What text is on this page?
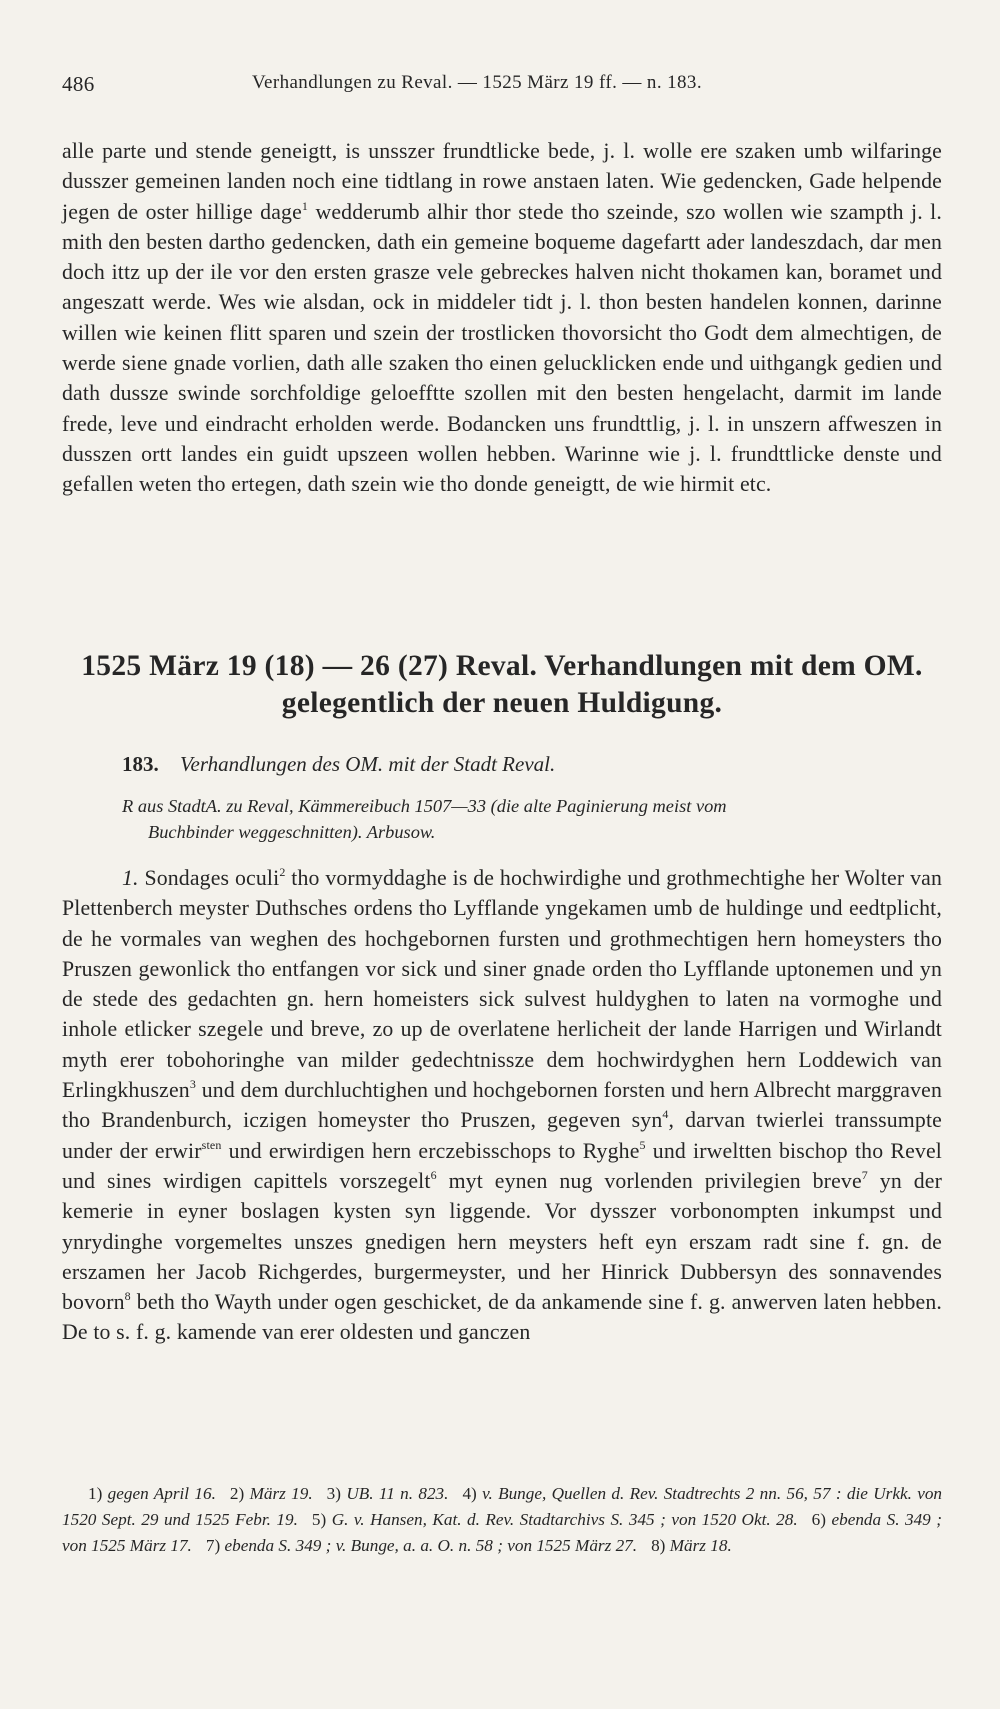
486	Verhandlungen zu Reval. — 1525 März 19 ff. — n. 183.

alle parte und stende geneigtt, is unsszer frundtlicke bede, j. l. wolle ere szaken umb wilfaringe dusszer gemeinen landen noch eine tidtlang in rowe anstaen laten. Wie gedencken, Gade helpende jegen de oster hillige dage$^1$ wedderumb alhir thor stede tho szeinde, szo wollen wie szampth j. l. mith den besten dartho gedencken, dath ein gemeine boqueme dagefartt ader landeszdach, dar men doch ittz up der ile vor den ersten grasze vele gebreckes halven nicht thokamen kan, boramet und angeszatt werde. Wes wie alsdan, ock in middeler tidt j. l. thon besten handelen konnen, darinne willen wie keinen flitt sparen und szein der trostlicken thovorsicht tho Godt dem almechtigen, de werde siene gnade vorlien, dath alle szaken tho einen gelucklicken ende und uithgangk gedien und dath dussze swinde sorchfoldige geloefftte szollen mit den besten hengelacht, darmit im lande frede, leve und eindracht erholden werde. Bodancken uns frundttlig, j. l. in unszern affweszen in dusszen ortt landes ein guidt upszeen wollen hebben. Warinne wie j. l. frundttlicke denste und gefallen weten tho ertegen, dath szein wie tho donde geneigtt, de wie hirmit etc.

1525 März 19 (18) — 26 (27) Reval. Verhandlungen mit dem OM. gelegentlich der neuen Huldigung.
183. Verhandlungen des OM. mit der Stadt Reval.

R aus StadtA. zu Reval, Kämmereibuch 1507—33 (die alte Paginierung meist vom
Buchbinder weggeschnitten). Arbusow.

1. Sondages oculi$^2$ tho vormyddaghe is de hochwirdighe und grothmechtighe her Wolter van Plettenberch meyster Duthsches ordens tho Lyfflande yngekamen umb de huldinge und eedtplicht, de he vormales van weghen des hochgebornen fursten und grothmechtigen hern homeysters tho Pruszen gewonlick tho entfangen vor sick und siner gnade orden tho Lyfflande uptonemen und yn de stede des gedachten gn. hern homeisters sick sulvest huldyghen to laten na vormoghe und inhole etlicker szegele und breve, zo up de overlatene herlicheit der lande Harrigen und Wirlandt myth erer tobohoringhe van milder gedechtnissze dem hochwirdyghen hern Loddewich van Erlingkhuszen$^3$ und dem durchluchtighen und hochgebornen forsten und hern Albrecht marggraven tho Brandenburch, iczigen homeyster tho Pruszen, gegeven syn$^4$, darvan twierlei transsumpte under der erwir$^{sten}$ und erwirdigen hern erczebisschops to Ryghe$^5$ und irweltten bischop tho Revel und sines wirdigen capittels vorszegelt$^6$ myt eynen nug vorlenden privilegien breve$^7$ yn der kemerie in eyner boslagen kysten syn liggende. Vor dysszer vorbonompten inkumpst und ynrydinghe vorgemeltes unszes gnedigen hern meysters heft eyn erszam radt sine f. gn. de erszamen her Jacob Richgerdes, burgermeyster, und her Hinrick Dubbersyn des sonnavendes bovorn$^8$ beth tho Wayth under ogen geschicket, de da ankamende sine f. g. anwerven laten hebben. De to s. f. g. kamende van erer oldesten und ganczen

1) gegen April 16. 2) März 19. 3) UB. 11 n. 823. 4) v. Bunge, Quellen d. Rev. Stadtrechts 2 nn. 56, 57 : die Urkk. von 1520 Sept. 29 und 1525 Febr. 19. 5) G. v. Hansen, Kat. d. Rev. Stadtarchivs S. 345 ; von 1520 Okt. 28. 6) ebenda S. 349 ; von 1525 März 17. 7) ebenda S. 349 ; v. Bunge, a. a. O. n. 58 ; von 1525 März 27. 8) März 18.
